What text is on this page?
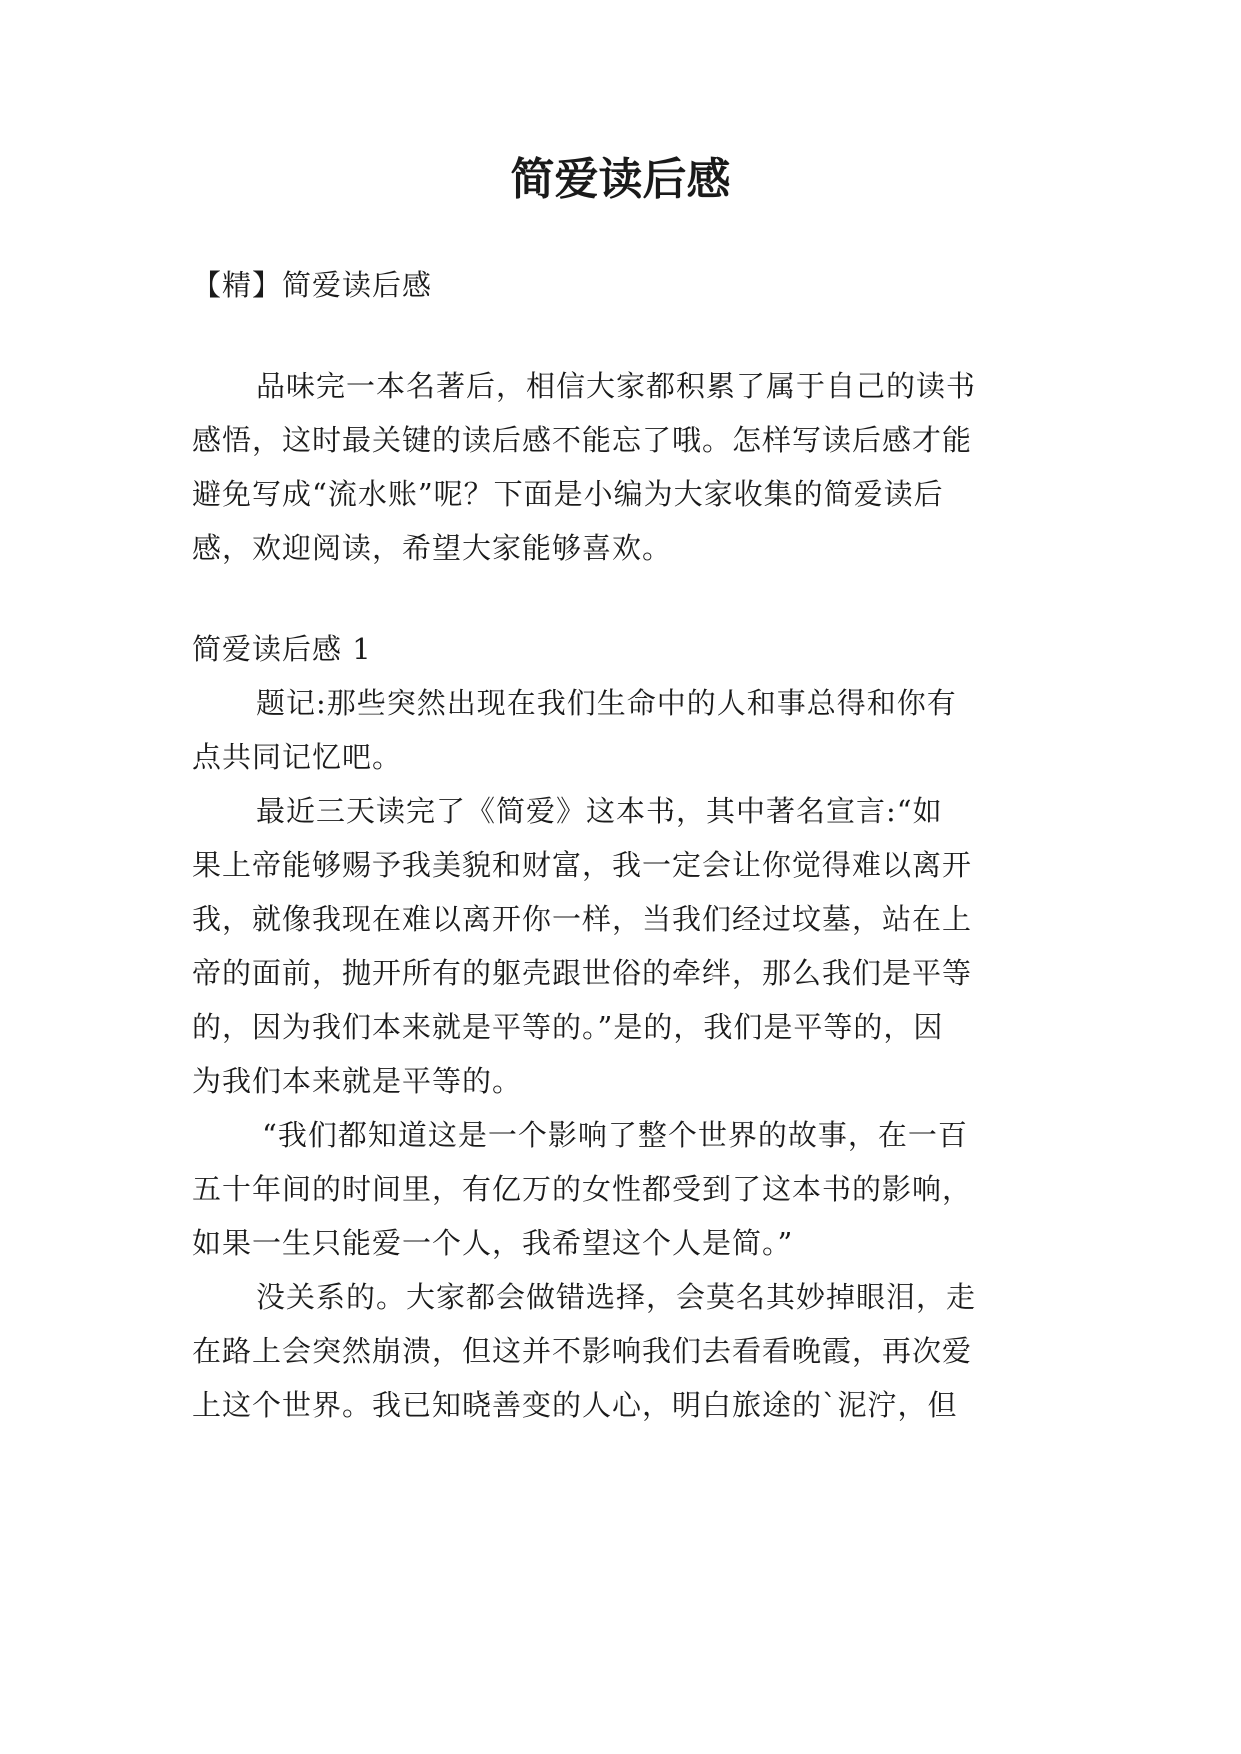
简爱读后感

【精】简爱读后感

品味完一本名著后，相信大家都积累了属于自己的读书

感悟，这时最关键的读后感不能忘了哦。怎样写读后感才能

避免写成“流水账”呢？下面是小编为大家收集的简爱读后

感，欢迎阅读，希望大家能够喜欢。

简爱读后感 1

题记:那些突然出现在我们生命中的人和事总得和你有

点共同记忆吧。

最近三天读完了《简爱》这本书，其中著名宣言:“如

果上帝能够赐予我美貌和财富，我一定会让你觉得难以离开

我，就像我现在难以离开你一样，当我们经过坟墓，站在上

帝的面前，抛开所有的躯壳跟世俗的牵绊，那么我们是平等

的，因为我们本来就是平等的。”是的，我们是平等的，因

为我们本来就是平等的。

“我们都知道这是一个影响了整个世界的故事，在一百

五十年间的时间里，有亿万的女性都受到了这本书的影响，

如果一生只能爱一个人，我希望这个人是简。”

没关系的。大家都会做错选择，会莫名其妙掉眼泪，走

在路上会突然崩溃，但这并不影响我们去看看晚霞，再次爱

上这个世界。我已知晓善变的人心，明白旅途的`泥泞，但
